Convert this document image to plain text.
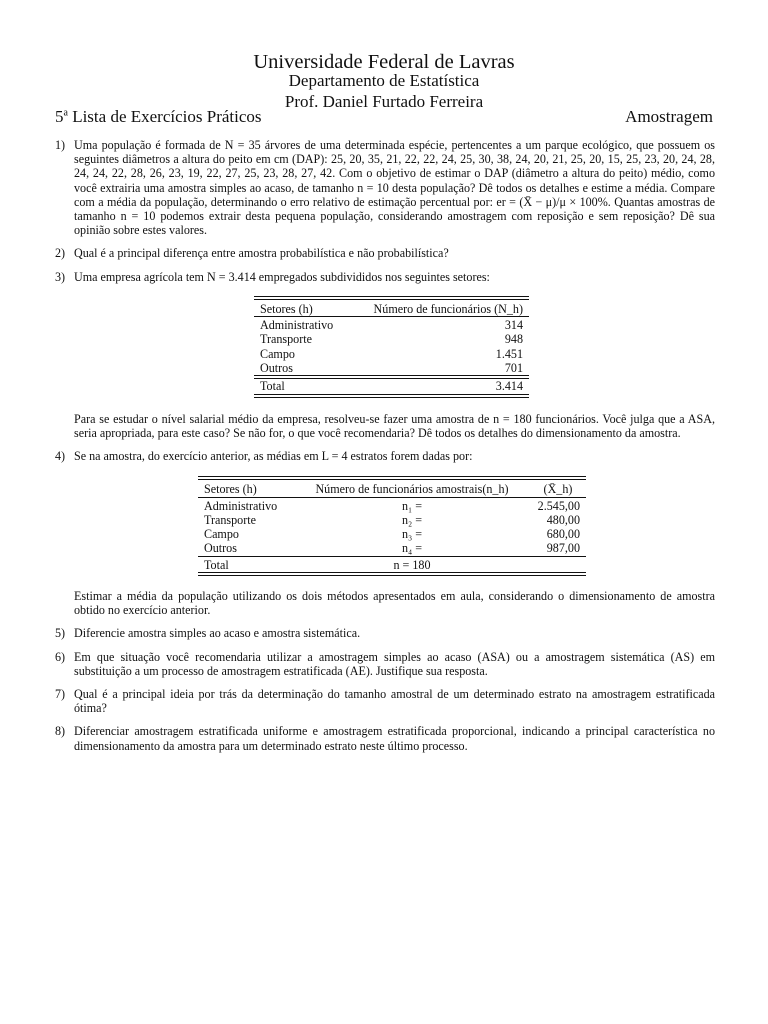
Universidade Federal de Lavras
Departamento de Estatística
Prof. Daniel Furtado Ferreira
5$^a$ Lista de Exercícios Práticos	Amostragem
1) Uma população é formada de N = 35 árvores de uma determinada espécie, pertencentes a um parque ecológico, que possuem os seguintes diâmetros a altura do peito em cm (DAP): 25, 20, 35, 21, 22, 22, 24, 25, 30, 38, 24, 20, 21, 25, 20, 15, 25, 23, 20, 24, 28, 24, 24, 22, 28, 26, 23, 19, 22, 27, 25, 23, 28, 27, 42. Com o objetivo de estimar o DAP (diâmetro a altura do peito) médio, como você extrairia uma amostra simples ao acaso, de tamanho n = 10 desta população? Dê todos os detalhes e estime a média. Compare com a média da população, determinando o erro relativo de estimação percentual por: er = (X̄ − μ)/μ × 100%. Quantas amostras de tamanho n = 10 podemos extrair desta pequena população, considerando amostragem com reposição e sem reposição? Dê sua opinião sobre estes valores.
2) Qual é a principal diferença entre amostra probabilística e não probabilística?
3) Uma empresa agrícola tem N = 3.414 empregados subdivididos nos seguintes setores:
Setores (h)	Número de funcionários (N_h)

Administrativo	314
Transporte	948
Campo	1.451
Outros	701

Total	3.414
Para se estudar o nível salarial médio da empresa, resolveu-se fazer uma amostra de n = 180 funcionários. Você julga que a ASA, seria apropriada, para este caso? Se não for, o que você recomendaria? Dê todos os detalhes do dimensionamento da amostra.
4) Se na amostra, do exercício anterior, as médias em L = 4 estratos forem dadas por:
Setores (h)	Número de funcionários amostrais(n_h)	(X̄_h)

Administrativo	n₁ =	2.545,00
Transporte	n₂ =	480,00
Campo	n₃ =	680,00
Outros	n₄ =	987,00

Total	n = 180	
Estimar a média da população utilizando os dois métodos apresentados em aula, considerando o dimensionamento de amostra obtido no exercício anterior.
5) Diferencie amostra simples ao acaso e amostra sistemática.
6) Em que situação você recomendaria utilizar a amostragem simples ao acaso (ASA) ou a amostragem sistemática (AS) em substituição a um processo de amostragem estratificada (AE). Justifique sua resposta.
7) Qual é a principal ideia por trás da determinação do tamanho amostral de um determinado estrato na amostragem estratificada ótima?
8) Diferenciar amostragem estratificada uniforme e amostragem estratificada proporcional, indicando a principal característica no dimensionamento da amostra para um determinado estrato neste último processo.
